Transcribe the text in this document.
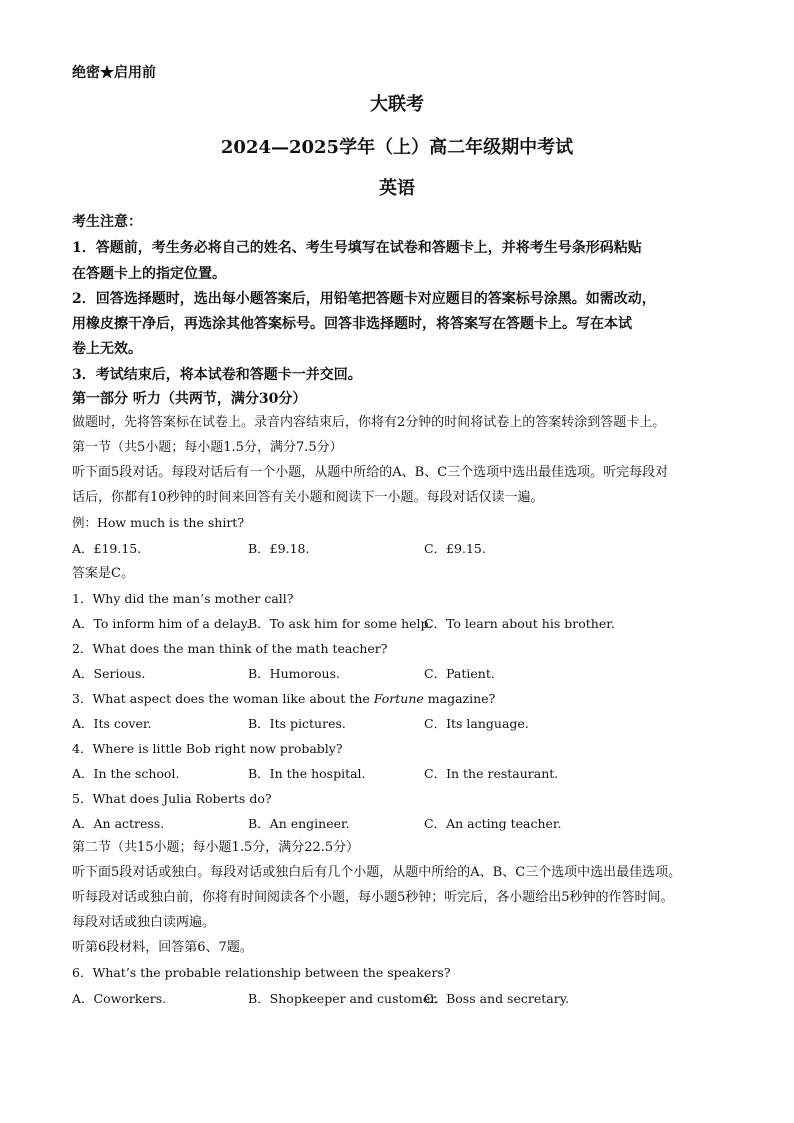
绝密★启用前
大联考
2024—2025学年（上）高二年级期中考试
英语
考生注意：
1．答题前，考生务必将自己的姓名、考生号填写在试卷和答题卡上，并将考生号条形码粘贴
在答题卡上的指定位置。
2．回答选择题时，选出每小题答案后，用铅笔把答题卡对应题目的答案标号涂黑。如需改动，
用橡皮擦干净后，再选涂其他答案标号。回答非选择题时，将答案写在答题卡上。写在本试
卷上无效。
3．考试结束后，将本试卷和答题卡一并交回。
第一部分 听力（共两节，满分30分）
做题时，先将答案标在试卷上。录音内容结束后，你将有2分钟的时间将试卷上的答案转涂到答题卡上。
第一节（共5小题；每小题1.5分，满分7.5分）
听下面5段对话。每段对话后有一个小题，从题中所给的A、B、C三个选项中选出最佳选项。听完每段对
话后，你都有10秒钟的时间来回答有关小题和阅读下一小题。每段对话仅读一遍。
例：How much is the shirt?
A．£19.15.	B．£9.18.	C．£9.15.
答案是C。
1．Why did the man’s mother call?
A．To inform him of a delay.
B．To ask him for some help.
C．To learn about his brother.
2．What does the man think of the math teacher?
A．Serious.	B．Humorous.	C．Patient.
3．What aspect does the woman like about the Fortune magazine?
A．Its cover.	B．Its pictures.	C．Its language.
4．Where is little Bob right now probably?
A．In the school.	B．In the hospital.	C．In the restaurant.
5．What does Julia Roberts do?
A．An actress.	B．An engineer.	C．An acting teacher.
第二节（共15小题；每小题1.5分，满分22.5分）
听下面5段对话或独白。每段对话或独白后有几个小题，从题中所给的A、B、C三个选项中选出最佳选项。
听每段对话或独白前，你将有时间阅读各个小题，每小题5秒钟；听完后，各小题给出5秒钟的作答时间。
每段对话或独白读两遍。
听第6段材料，回答第6、7题。
6．What’s the probable relationship between the speakers?
A．Coworkers.	B．Shopkeeper and customer.
C．Boss and secretary.
